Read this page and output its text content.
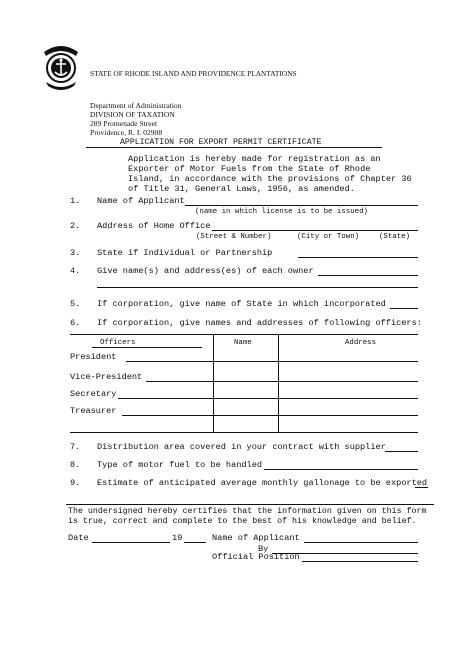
STATE OF RHODE ISLAND AND PROVIDENCE PLANTATIONS
Department of Administration
DIVISION OF TAXATION
289 Promenade Street
Providence, R. I. 02908
APPLICATION FOR EXPORT PERMIT CERTIFICATE
Application is hereby made for registration as an
Exporter of Motor Fuels from the State of Rhode
Island, in accordance with the provisions of Chapter 36
of Title 31, General Laws, 1956, as amended.
1. Name of Applicant
(name in which license is to be issued)
2. Address of Home Office
(Street & Number)	(City or Town)	(State)
3. State if Individual or Partnership
4. Give name(s) and address(es) of each owner
5. If corporation, give name of State in which incorporated
6. If corporation, give names and addresses of following officers:
Officers	Name	Address
President
Vice-President
Secretary
Treasurer
7. Distribution area covered in your contract with supplier
8. Type of motor fuel to be handled
9. Estimate of anticipated average monthly gallonage to be exported
The undersigned hereby certifies that the information given on this form
is true, correct and complete to the best of his knowledge and belief.
Date	19	Name of Applicant
By
Official Position
